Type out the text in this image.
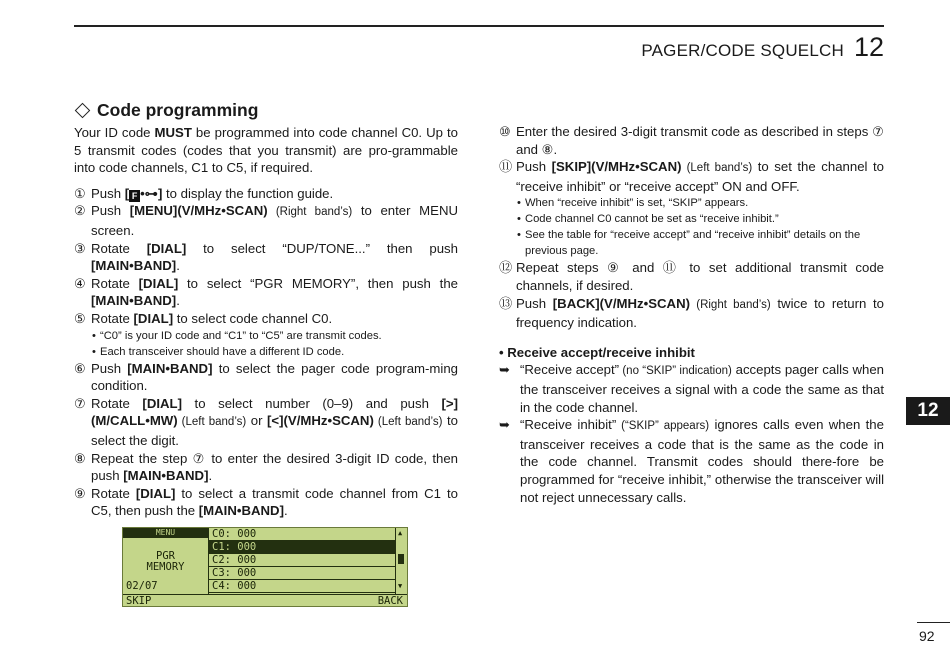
PAGER/CODE SQUELCH 12
Code programming

Your ID code MUST be programmed into code channel C0. Up to 5 transmit codes (codes that you transmit) are pro-grammable into code channels, C1 to C5, if required.

① Push [ F •⊶] to display the function guide.
② Push [MENU](V/MHz•SCAN) (Right band’s) to enter MENU screen.
③ Rotate [DIAL] to select “DUP/TONE...” then push [MAIN•BAND].
④ Rotate [DIAL] to select “PGR MEMORY”, then push the [MAIN•BAND].
⑤ Rotate [DIAL] to select code channel C0.
• “C0” is your ID code and “C1” to “C5” are transmit codes.
• Each transceiver should have a different ID code.
⑥ Push [MAIN•BAND] to select the pager code program-ming condition.
⑦ Rotate [DIAL] to select number (0–9) and push [>](M/CALL•MW) (Left band’s) or [<](V/MHz•SCAN) (Left band’s) to select the digit.
⑧ Repeat the step ⑦ to enter the desired 3-digit ID code, then push [MAIN•BAND].
⑨ Rotate [DIAL] to select a transmit code channel from C1 to C5, then push the [MAIN•BAND].
MENU
PGR
MEMORY
02/07
C0: 000
C1: 000
C2: 000
C3: 000
C4: 000
▲
▼
SKIP	BACK
⑩ Enter the desired 3-digit transmit code as described in steps ⑦ and ⑧.
⑪ Push [SKIP](V/MHz•SCAN) (Left band’s) to set the channel to “receive inhibit” or “receive accept” ON and OFF.
• When “receive inhibit” is set, “SKIP” appears.
• Code channel C0 cannot be set as “receive inhibit.”
• See the table for “receive accept” and “receive inhibit” details on the previous page.
⑫ Repeat steps ⑨ and ⑪ to set additional transmit code channels, if desired.
⑬ Push [BACK](V/MHz•SCAN) (Right band’s) twice to return to frequency indication.

• Receive accept/receive inhibit

➥ “Receive accept” (no “SKIP” indication) accepts pager calls when the transceiver receives a signal with a code the same as that in the code channel.
➥ “Receive inhibit” (“SKIP” appears) ignores calls even when the transceiver receives a code that is the same as the code in the code channel. Transmit codes should there-fore be programmed for “receive inhibit,” otherwise the transceiver will not reject unnecessary calls.
12
92
